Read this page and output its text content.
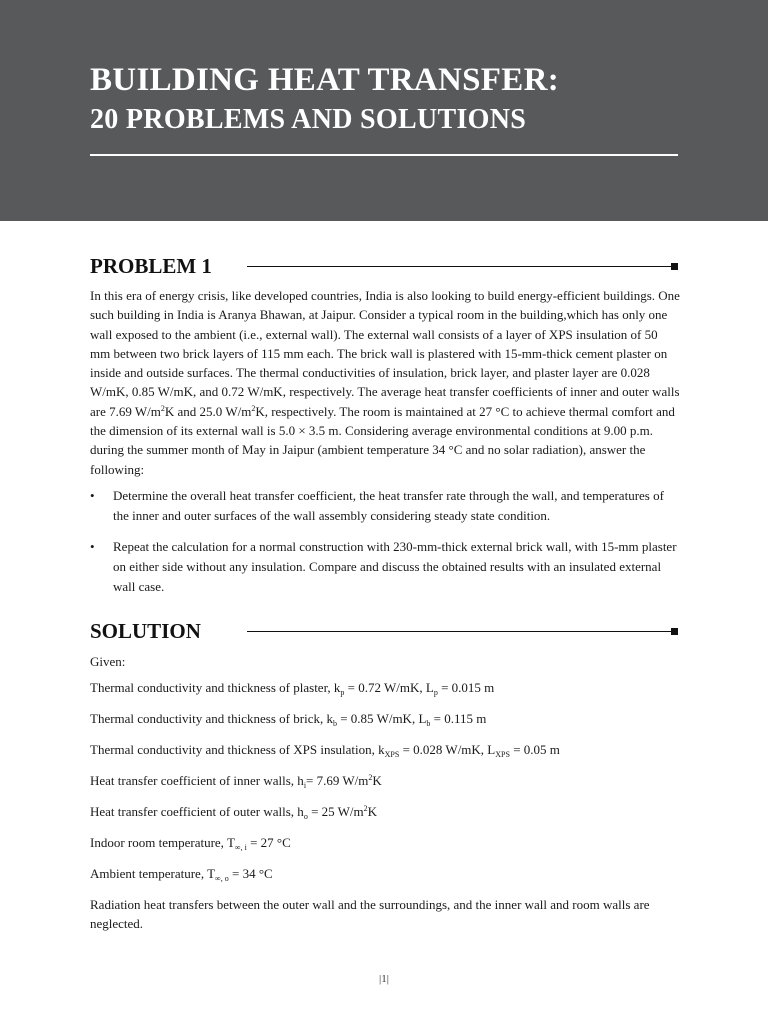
BUILDING HEAT TRANSFER:
20 PROBLEMS AND SOLUTIONS
PROBLEM 1

In this era of energy crisis, like developed countries, India is also looking to build energy-efficient buildings. One such building in India is Aranya Bhawan, at Jaipur. Consider a typical room in the building,which has only one wall exposed to the ambient (i.e., external wall). The external wall consists of a layer of XPS insulation of 50 mm between two brick layers of 115 mm each. The brick wall is plastered with 15-mm-thick cement plaster on inside and outside surfaces. The thermal conductivities of insulation, brick layer, and plaster layer are 0.028 W/mK, 0.85 W/mK, and 0.72 W/mK, respectively. The average heat transfer coefficients of inner and outer walls are 7.69 $W/m^2K$ and 25.0 $W/m^2K$, respectively. The room is maintained at 27 °C to achieve thermal comfort and the dimension of its external wall is 5.0 × 3.5 m. Considering average environmental conditions at 9.00 p.m. during the summer month of May in Jaipur (ambient temperature 34 °C and no solar radiation), answer the following:

• Determine the overall heat transfer coefficient, the heat transfer rate through the wall, and temperatures of the inner and outer surfaces of the wall assembly considering steady state condition.

• Repeat the calculation for a normal construction with 230-mm-thick external brick wall, with 15-mm plaster on either side without any insulation. Compare and discuss the obtained results with an insulated external wall case.

SOLUTION

Given:

Thermal conductivity and thickness of plaster, $k_p = 0.72$ W/mK, $L_p = 0.015$ m

Thermal conductivity and thickness of brick, $k_b = 0.85$ W/mK, $L_b = 0.115$ m

Thermal conductivity and thickness of XPS insulation, $k_{XPS} = 0.028$ W/mK, $L_{XPS} = 0.05$ m

Heat transfer coefficient of inner walls, $h_i= 7.69$ $W/m^2K$

Heat transfer coefficient of outer walls, $h_o = 25$ $W/m^2K$

Indoor room temperature, $T_{\infty, i} = 27$ °C

Ambient temperature, $T_{\infty, o} = 34$ °C

Radiation heat transfers between the outer wall and the surroundings, and the inner wall and room walls are neglected.

|1|
